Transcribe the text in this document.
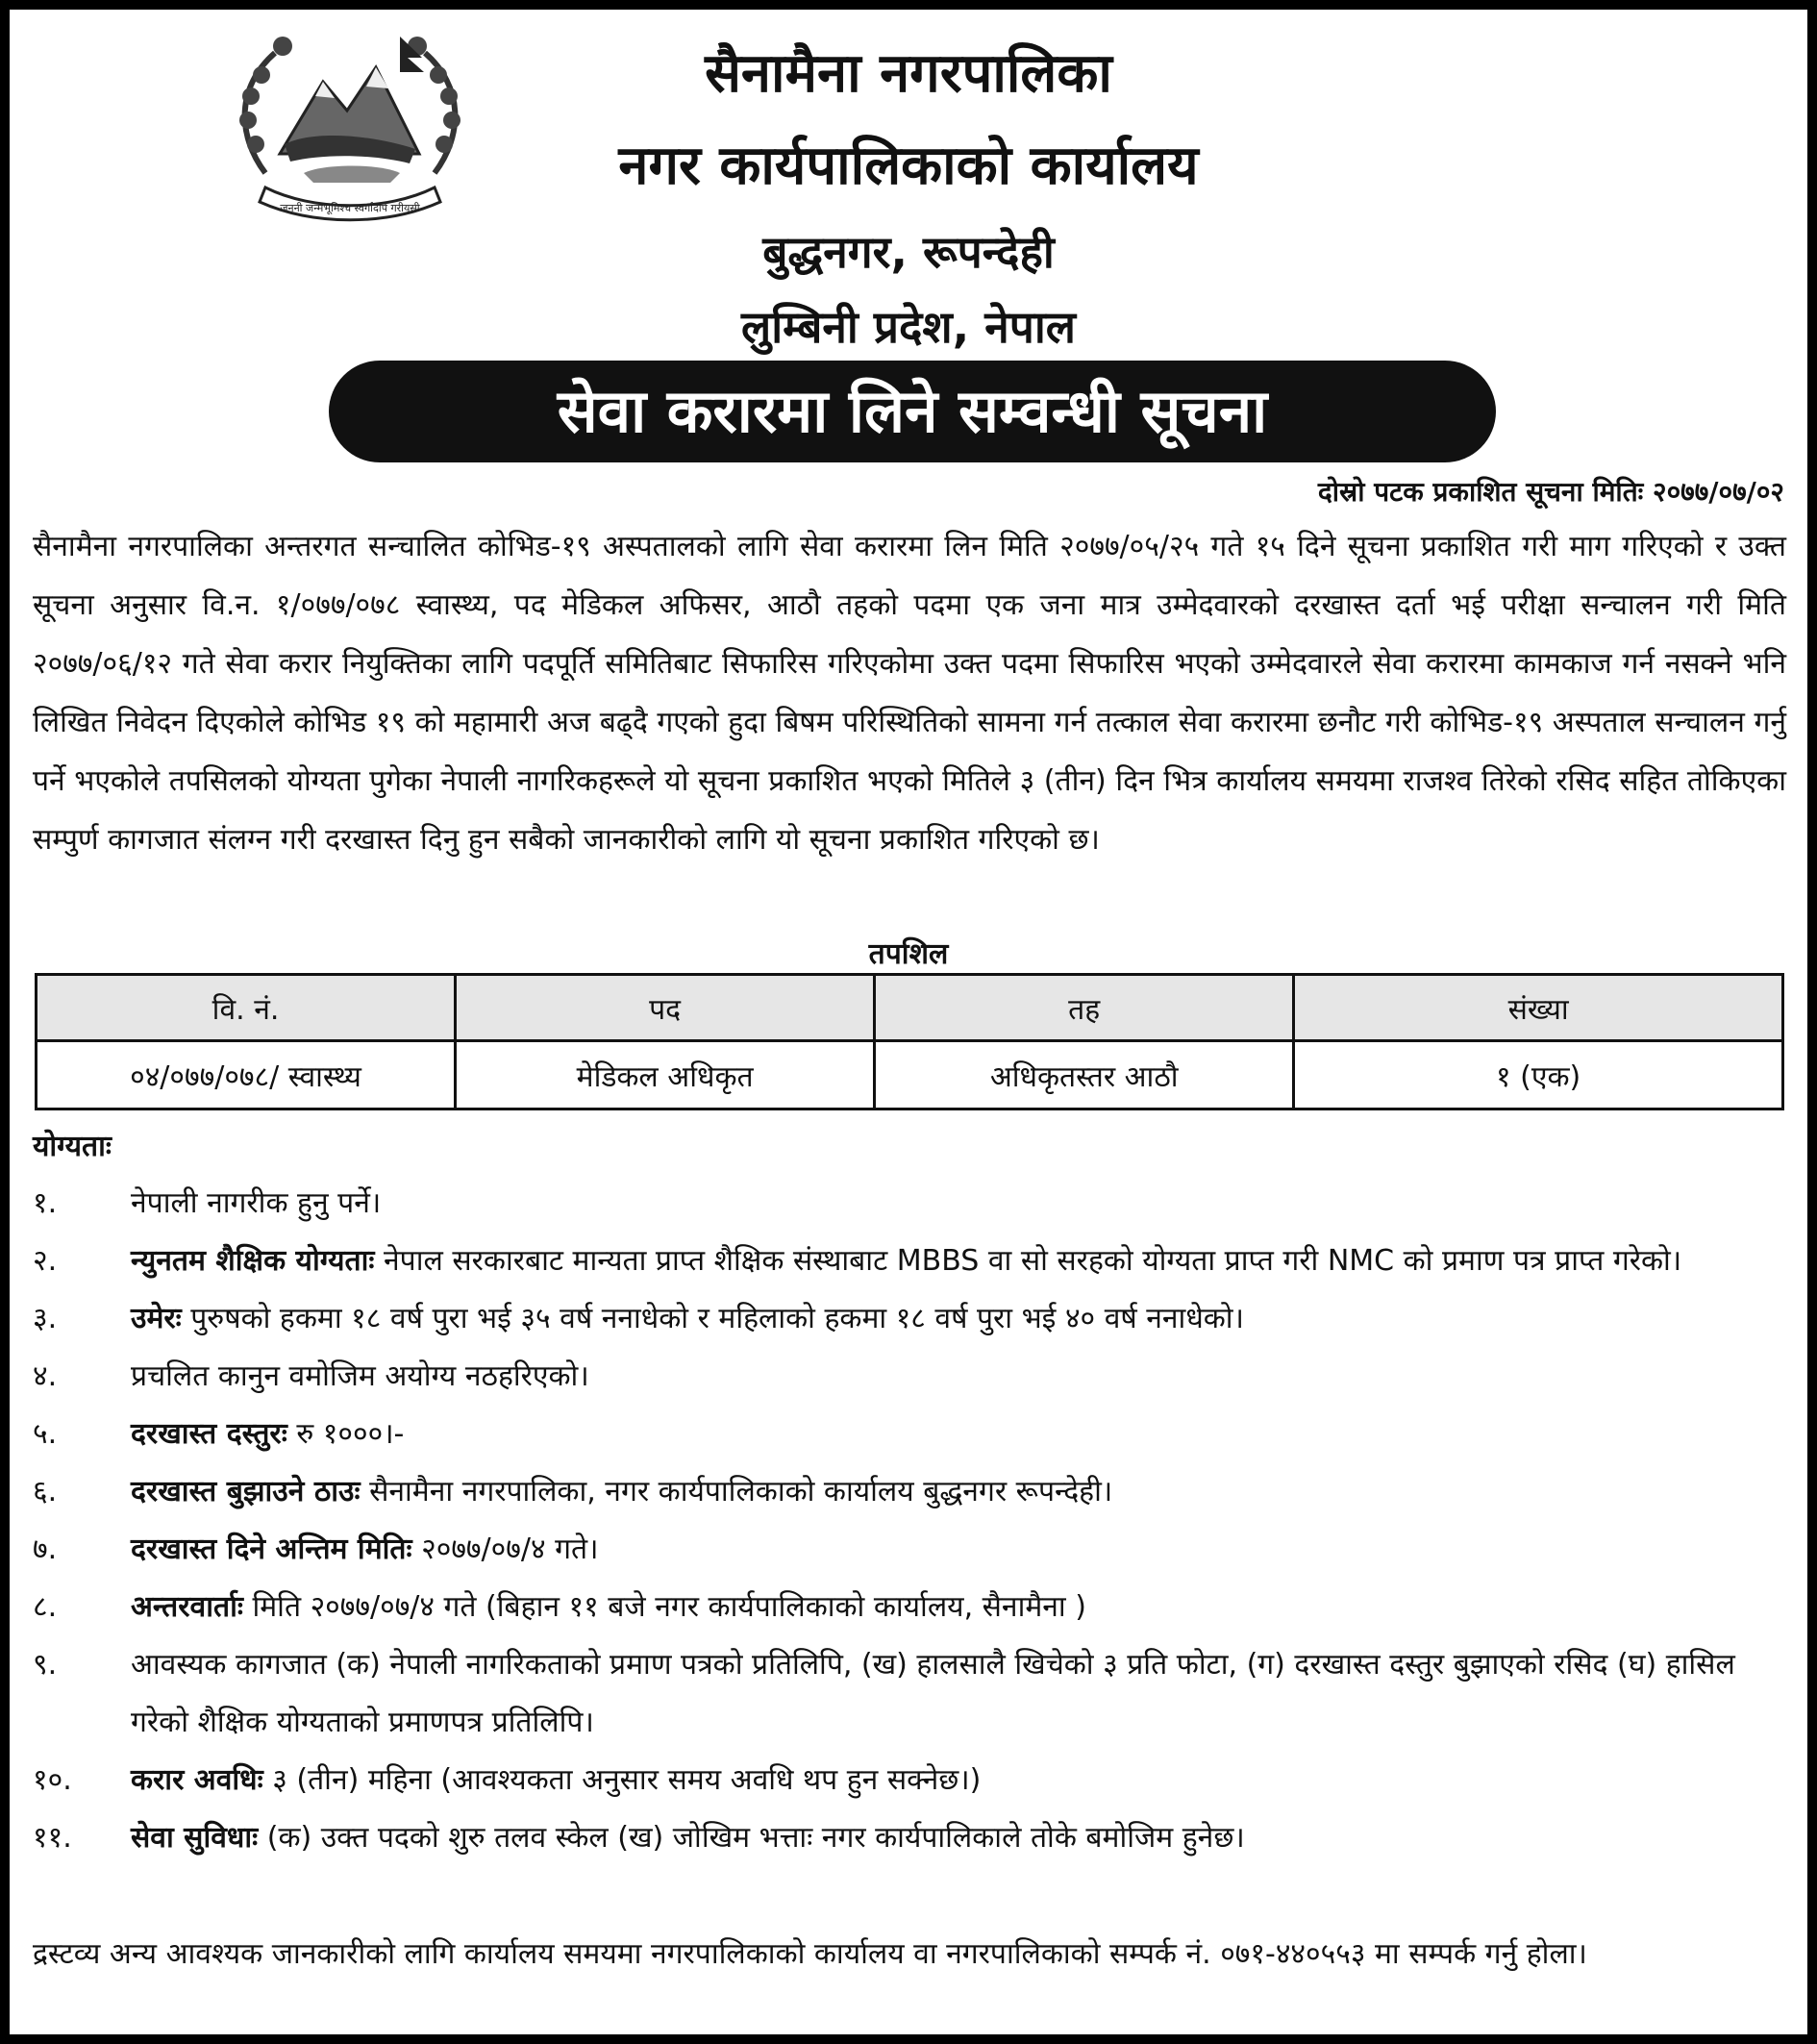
जननी जन्मभूमिश्च स्वर्गादपि गरीयसी
सैनामैना नगरपालिका
नगर कार्यपालिकाको कार्यालय
बुद्धनगर, रूपन्देही
लुम्बिनी प्रदेश, नेपाल
सेवा करारमा लिने सम्वन्धी सूचना
दोस्रो पटक प्रकाशित सूचना मितिः २०७७/०७/०२

सैनामैना नगरपालिका अन्तरगत सन्चालित कोभिड-१९ अस्पतालको लागि सेवा करारमा लिन मिति २०७७/०५/२५ गते १५ दिने सूचना प्रकाशित गरी माग गरिएको र उक्त सूचना अनुसार वि.न. १/०७७/०७८ स्वास्थ्य, पद मेडिकल अफिसर, आठौ तहको पदमा एक जना मात्र उम्मेदवारको दरखास्त दर्ता भई परीक्षा सन्चालन गरी मिति २०७७/०६/१२ गते सेवा करार नियुक्तिका लागि पदपूर्ति समितिबाट सिफारिस गरिएकोमा उक्त पदमा सिफारिस भएको उम्मेदवारले सेवा करारमा कामकाज गर्न नसक्ने भनि लिखित निवेदन दिएकोले कोभिड १९ को महामारी अज बढ्दै गएको हुदा बिषम परिस्थितिको सामना गर्न तत्काल सेवा करारमा छनौट गरी कोभिड-१९ अस्पताल सन्चालन गर्नु पर्ने भएकोले तपसिलको योग्यता पुगेका नेपाली नागरिकहरूले यो सूचना प्रकाशित भएको मितिले ३ (तीन) दिन भित्र कार्यालय समयमा राजश्व तिरेको रसिद सहित तोकिएका सम्पुर्ण कागजात संलग्न गरी दरखास्त दिनु हुन सबैको जानकारीको लागि यो सूचना प्रकाशित गरिएको छ।

तपशिल
वि. नं.	पद	तह	संख्या
०४/०७७/०७८/ स्वास्थ्य	मेडिकल अधिकृत	अधिकृतस्तर आठौ	१ (एक)
योग्यताः
१.	नेपाली नागरीक हुनु पर्ने।
२.	न्युनतम शैक्षिक योग्यताः नेपाल सरकारबाट मान्यता प्राप्त शैक्षिक संस्थाबाट MBBS वा सो सरहको योग्यता प्राप्त गरी NMC को प्रमाण पत्र प्राप्त गरेको।
३.	उमेरः पुरुषको हकमा १८ वर्ष पुरा भई ३५ वर्ष ननाधेको र महिलाको हकमा १८ वर्ष पुरा भई ४० वर्ष ननाधेको।
४.	प्रचलित कानुन वमोजिम अयोग्य नठहरिएको।
५.	दरखास्त दस्तुरः रु १०००।-
६.	दरखास्त बुझाउने ठाउः सैनामैना नगरपालिका, नगर कार्यपालिकाको कार्यालय बुद्धनगर रूपन्देही।
७.	दरखास्त दिने अन्तिम मितिः २०७७/०७/४ गते।
८.	अन्तरवार्ताः मिति २०७७/०७/४ गते (बिहान ११ बजे नगर कार्यपालिकाको कार्यालय, सैनामैना )
९.	आवस्यक कागजात (क) नेपाली नागरिकताको प्रमाण पत्रको प्रतिलिपि, (ख) हालसालै खिचेको ३ प्रति फोटा, (ग) दरखास्त दस्तुर बुझाएको रसिद (घ) हासिल गरेको शैक्षिक योग्यताको प्रमाणपत्र प्रतिलिपि।
१०. करार अवधिः ३ (तीन) महिना (आवश्यकता अनुसार समय अवधि थप हुन सक्नेछ।)
११. सेवा सुविधाः (क) उक्त पदको शुरु तलव स्केल (ख) जोखिम भत्ताः नगर कार्यपालिकाले तोके बमोजिम हुनेछ।

द्रस्टव्य अन्य आवश्यक जानकारीको लागि कार्यालय समयमा नगरपालिकाको कार्यालय वा नगरपालिकाको सम्पर्क नं. ०७१-४४०५५३ मा सम्पर्क गर्नु होला।
